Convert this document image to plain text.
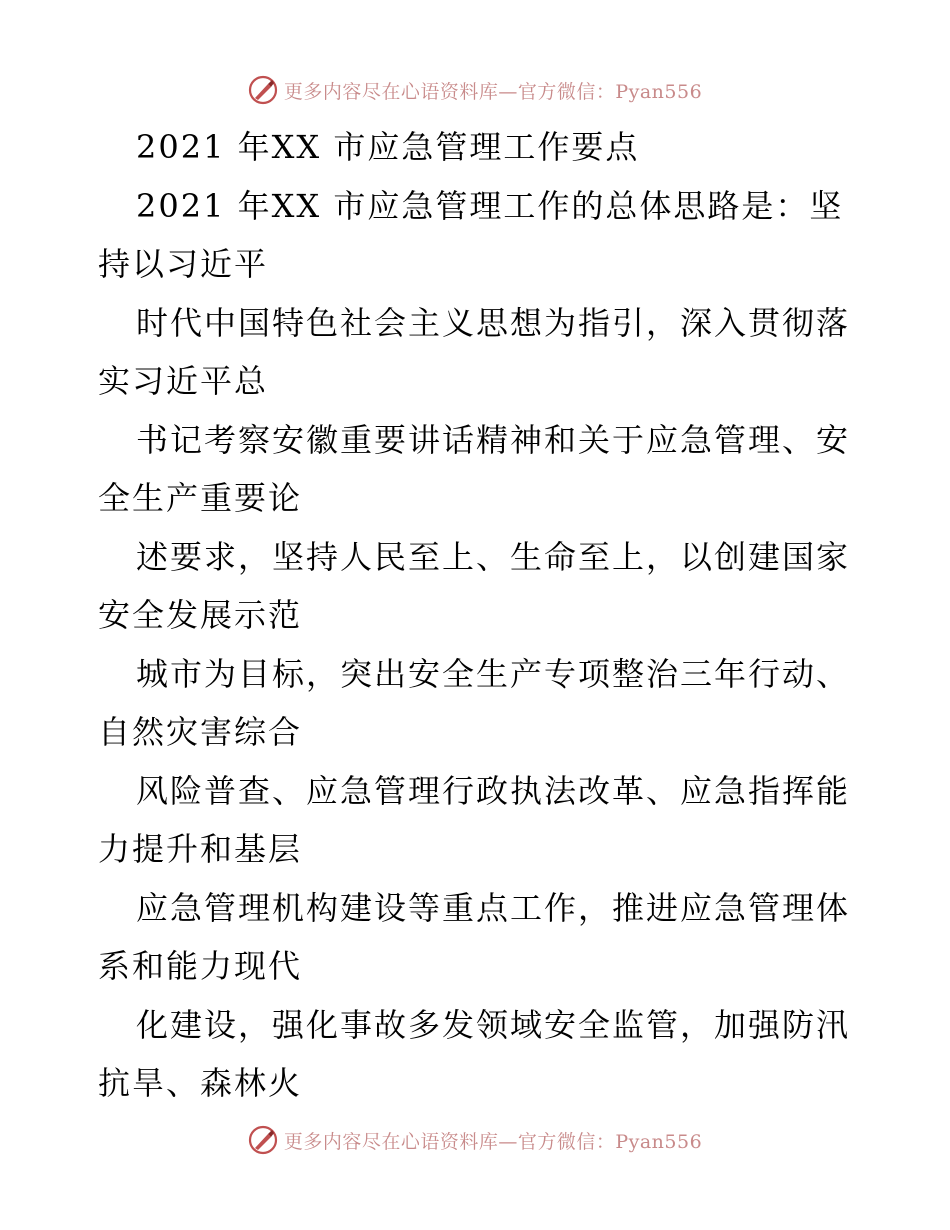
更多内容尽在心语资料库—官方微信：Pyan556
2021 年XX 市应急管理工作要点
2021 年XX 市应急管理工作的总体思路是：坚
持以习近平
时代中国特色社会主义思想为指引，深入贯彻落
实习近平总
书记考察安徽重要讲话精神和关于应急管理、安
全生产重要论
述要求，坚持人民至上、生命至上，以创建国家
安全发展示范
城市为目标，突出安全生产专项整治三年行动、
自然灾害综合
风险普查、应急管理行政执法改革、应急指挥能
力提升和基层
应急管理机构建设等重点工作，推进应急管理体
系和能力现代
化建设，强化事故多发领域安全监管，加强防汛
抗旱、森林火
更多内容尽在心语资料库—官方微信：Pyan556
